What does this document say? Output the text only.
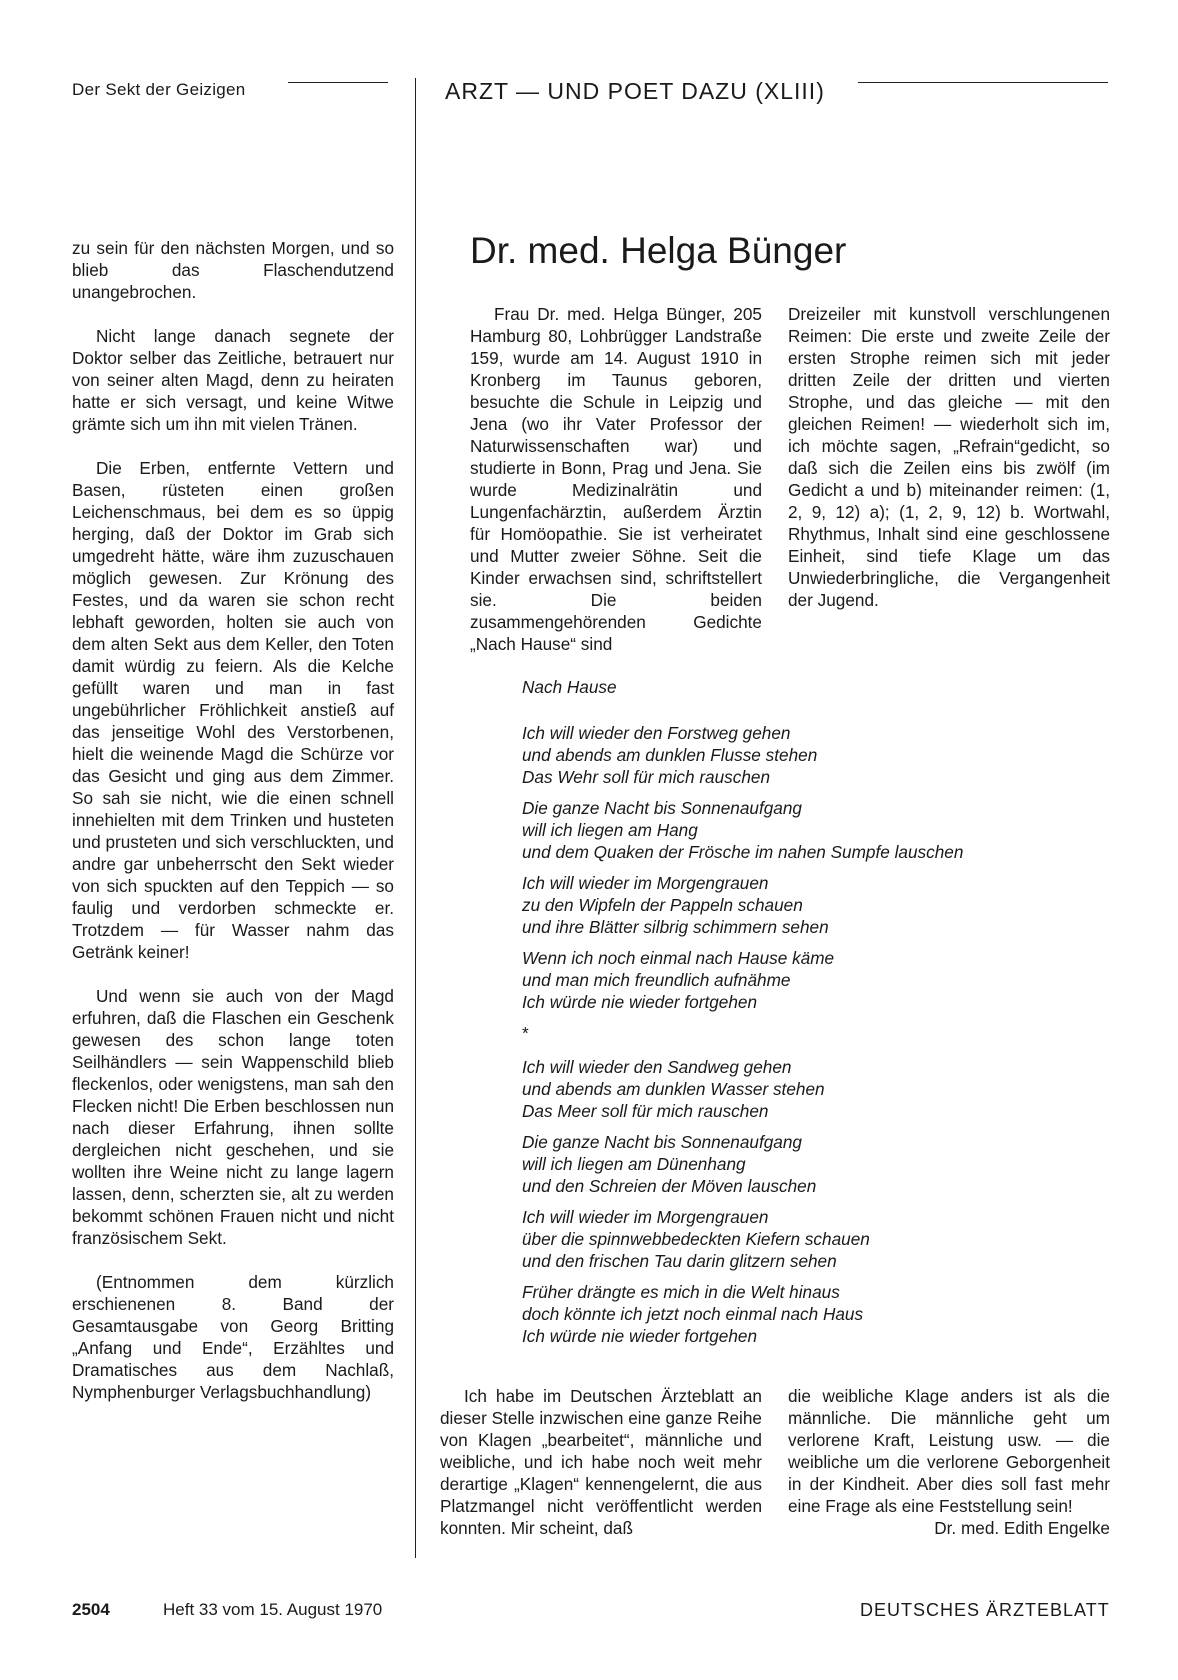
Der Sekt der Geizigen	ARZT — UND POET DAZU (XLIII)

zu sein für den nächsten Morgen, und so blieb das Flaschendutzend unangebrochen.

Nicht lange danach segnete der Doktor selber das Zeitliche, betrauert nur von seiner alten Magd, denn zu heiraten hatte er sich versagt, und keine Witwe grämte sich um ihn mit vielen Tränen.

Die Erben, entfernte Vettern und Basen, rüsteten einen großen Leichenschmaus, bei dem es so üppig herging, daß der Doktor im Grab sich umgedreht hätte, wäre ihm zuzuschauen möglich gewesen. Zur Krönung des Festes, und da waren sie schon recht lebhaft geworden, holten sie auch von dem alten Sekt aus dem Keller, den Toten damit würdig zu feiern. Als die Kelche gefüllt waren und man in fast ungebührlicher Fröhlichkeit anstieß auf das jenseitige Wohl des Verstorbenen, hielt die weinende Magd die Schürze vor das Gesicht und ging aus dem Zimmer. So sah sie nicht, wie die einen schnell innehielten mit dem Trinken und husteten und prusteten und sich verschluckten, und andre gar unbeherrscht den Sekt wieder von sich spuckten auf den Teppich — so faulig und verdorben schmeckte er. Trotzdem — für Wasser nahm das Getränk keiner!

Und wenn sie auch von der Magd erfuhren, daß die Flaschen ein Geschenk gewesen des schon lange toten Seilhändlers — sein Wappenschild blieb fleckenlos, oder wenigstens, man sah den Flecken nicht! Die Erben beschlossen nun nach dieser Erfahrung, ihnen sollte dergleichen nicht geschehen, und sie wollten ihre Weine nicht zu lange lagern lassen, denn, scherzten sie, alt zu werden bekommt schönen Frauen nicht und nicht französischem Sekt.

(Entnommen dem kürzlich erschienenen 8. Band der Gesamtausgabe von Georg Britting „Anfang und Ende“, Erzähltes und Dramatisches aus dem Nachlaß, Nymphenburger Verlagsbuchhandlung)

Dr. med. Helga Bünger

Frau Dr. med. Helga Bünger, 205 Hamburg 80, Lohbrügger Landstraße 159, wurde am 14. August 1910 in Kronberg im Taunus geboren, besuchte die Schule in Leipzig und Jena (wo ihr Vater Professor der Naturwissenschaften war) und studierte in Bonn, Prag und Jena. Sie wurde Medizinalrätin und Lungenfachärztin, außerdem Ärztin für Homöopathie. Sie ist verheiratet und Mutter zweier Söhne. Seit die Kinder erwachsen sind, schriftstellert sie. Die beiden zusammengehörenden Gedichte „Nach Hause“ sind

Dreizeiler mit kunstvoll verschlungenen Reimen: Die erste und zweite Zeile der ersten Strophe reimen sich mit jeder dritten Zeile der dritten und vierten Strophe, und das gleiche — mit den gleichen Reimen! — wiederholt sich im, ich möchte sagen, „Refrain“gedicht, so daß sich die Zeilen eins bis zwölf (im Gedicht a und b) miteinander reimen: (1, 2, 9, 12) a); (1, 2, 9, 12) b. Wortwahl, Rhythmus, Inhalt sind eine geschlossene Einheit, sind tiefe Klage um das Unwiederbringliche, die Vergangenheit der Jugend.

Nach Hause
Ich will wieder den Forstweg gehen
und abends am dunklen Flusse stehen
Das Wehr soll für mich rauschen
Die ganze Nacht bis Sonnenaufgang
will ich liegen am Hang
und dem Quaken der Frösche im nahen Sumpfe lauschen
Ich will wieder im Morgengrauen
zu den Wipfeln der Pappeln schauen
und ihre Blätter silbrig schimmern sehen
Wenn ich noch einmal nach Hause käme
und man mich freundlich aufnähme
Ich würde nie wieder fortgehen
*
Ich will wieder den Sandweg gehen
und abends am dunklen Wasser stehen
Das Meer soll für mich rauschen
Die ganze Nacht bis Sonnenaufgang
will ich liegen am Dünenhang
und den Schreien der Möven lauschen
Ich will wieder im Morgengrauen
über die spinnwebbedeckten Kiefern schauen
und den frischen Tau darin glitzern sehen
Früher drängte es mich in die Welt hinaus
doch könnte ich jetzt noch einmal nach Haus
Ich würde nie wieder fortgehen

Ich habe im Deutschen Ärzteblatt an dieser Stelle inzwischen eine ganze Reihe von Klagen „bearbeitet“, männliche und weibliche, und ich habe noch weit mehr derartige „Klagen“ kennengelernt, die aus Platzmangel nicht veröffentlicht werden konnten. Mir scheint, daß

die weibliche Klage anders ist als die männliche. Die männliche geht um verlorene Kraft, Leistung usw. — die weibliche um die verlorene Geborgenheit in der Kindheit. Aber dies soll fast mehr eine Frage als eine Feststellung sein!

Dr. med. Edith Engelke
2504	Heft 33 vom 15. August 1970	DEUTSCHES ÄRZTEBLATT
